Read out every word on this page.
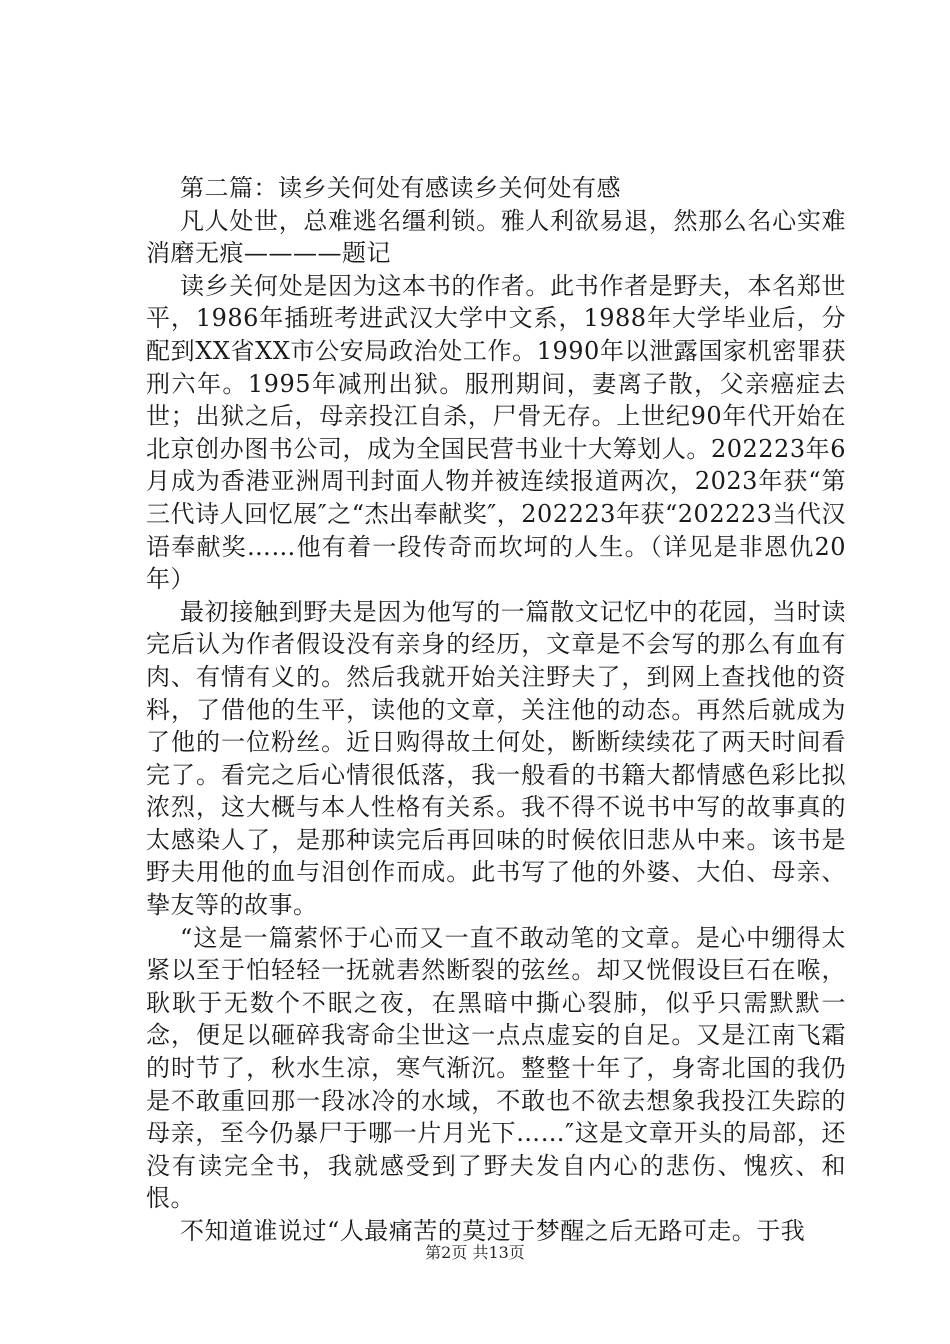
第二篇：读乡关何处有感读乡关何处有感

凡人处世，总难逃名缰利锁。雅人利欲易退，然那么名心实难消磨无痕————题记

读乡关何处是因为这本书的作者。此书作者是野夫，本名郑世平，1986年插班考进武汉大学中文系，1988年大学毕业后，分配到XX省XX市公安局政治处工作。1990年以泄露国家机密罪获刑六年。1995年减刑出狱。服刑期间，妻离子散，父亲癌症去世；出狱之后，母亲投江自杀，尸骨无存。上世纪90年代开始在北京创办图书公司，成为全国民营书业十大筹划人。202223年6月成为香港亚洲周刊封面人物并被连续报道两次，2023年获“第三代诗人回忆展″之“杰出奉献奖″，202223年获“202223当代汉语奉献奖……他有着一段传奇而坎坷的人生。（详见是非恩仇20年）

最初接触到野夫是因为他写的一篇散文记忆中的花园，当时读完后认为作者假设没有亲身的经历，文章是不会写的那么有血有肉、有情有义的。然后我就开始关注野夫了，到网上查找他的资料，了借他的生平，读他的文章，关注他的动态。再然后就成为了他的一位粉丝。近日购得故土何处，断断续续花了两天时间看完了。看完之后心情很低落，我一般看的书籍大都情感色彩比拟浓烈，这大概与本人性格有关系。我不得不说书中写的故事真的太感染人了，是那种读完后再回味的时候依旧悲从中来。该书是野夫用他的血与泪创作而成。此书写了他的外婆、大伯、母亲、挚友等的故事。

“这是一篇萦怀于心而又一直不敢动笔的文章。是心中绷得太紧以至于怕轻轻一抚就砉然断裂的弦丝。却又恍假设巨石在喉，耿耿于无数个不眠之夜，在黑暗中撕心裂肺，似乎只需默默一念，便足以砸碎我寄命尘世这一点点虚妄的自足。又是江南飞霜的时节了，秋水生凉，寒气渐沉。整整十年了，身寄北国的我仍是不敢重回那一段冰冷的水域，不敢也不欲去想象我投江失踪的母亲，至今仍暴尸于哪一片月光下……″这是文章开头的局部，还没有读完全书，我就感受到了野夫发自内心的悲伤、愧疚、和恨。

不知道谁说过“人最痛苦的莫过于梦醒之后无路可走。于我

第2页 共13页
